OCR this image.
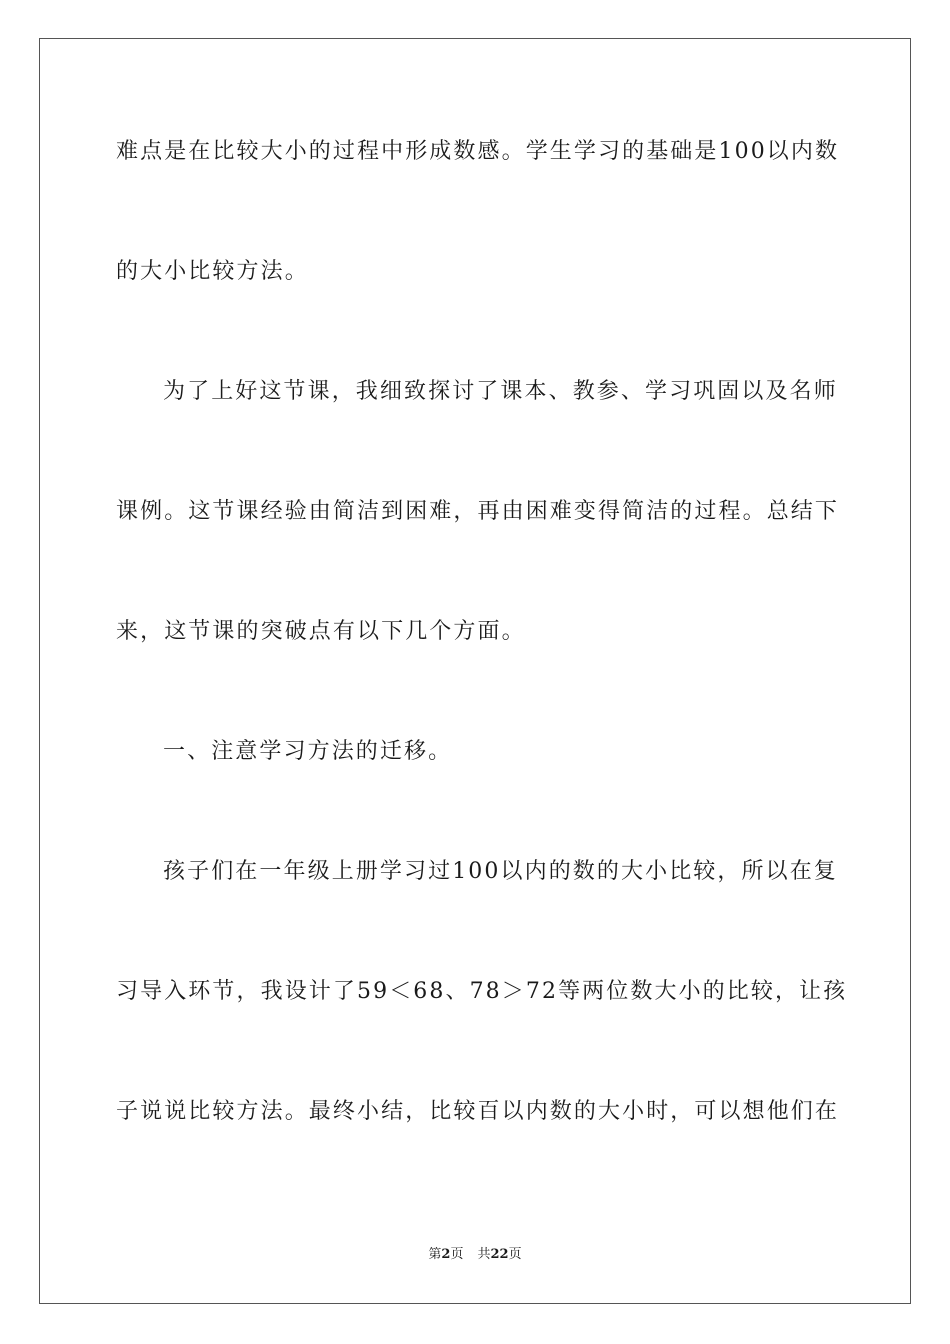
难点是在比较大小的过程中形成数感。学生学习的基础是100以内数
的大小比较方法。
为了上好这节课，我细致探讨了课本、教参、学习巩固以及名师
课例。这节课经验由简洁到困难，再由困难变得简洁的过程。总结下
来，这节课的突破点有以下几个方面。
一、注意学习方法的迁移。
孩子们在一年级上册学习过100以内的数的大小比较，所以在复
习导入环节，我设计了59＜68、78＞72等两位数大小的比较，让孩
子说说比较方法。最终小结，比较百以内数的大小时，可以想他们在
第2页 共22页
